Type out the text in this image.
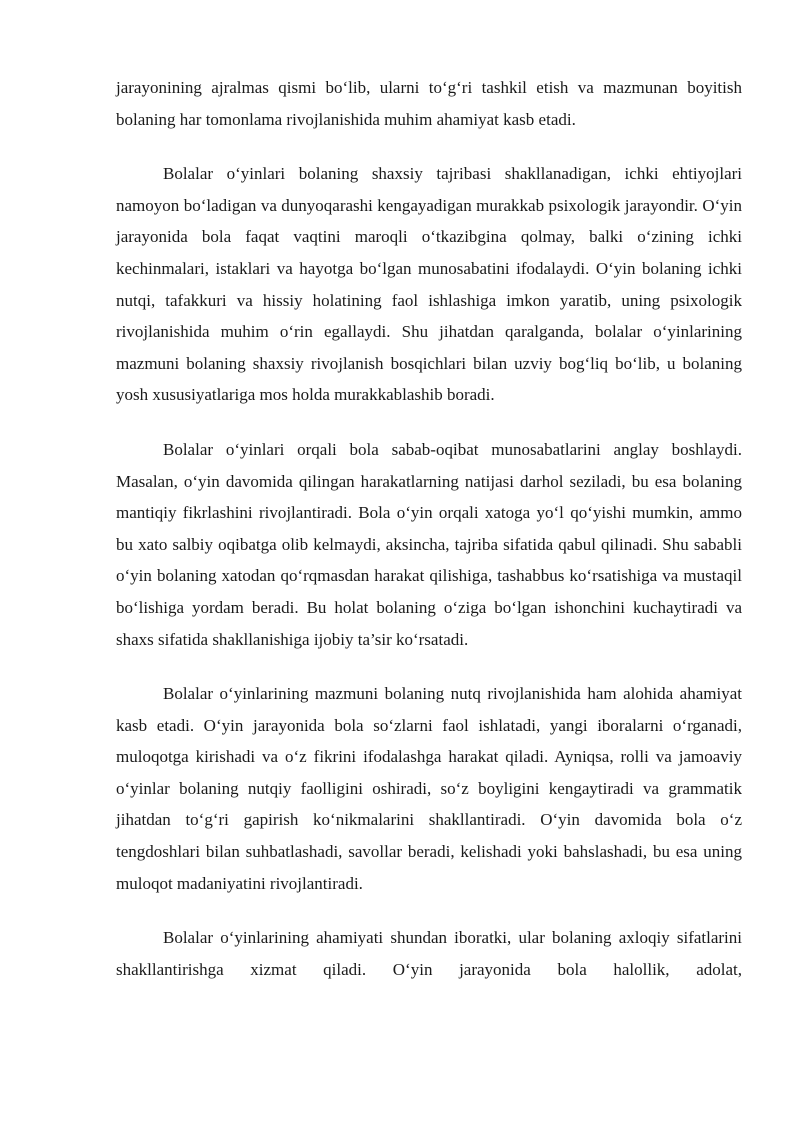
jarayonining ajralmas qismi bo‘lib, ularni to‘g‘ri tashkil etish va mazmunan boyitish bolaning har tomonlama rivojlanishida muhim ahamiyat kasb etadi.

Bolalar o‘yinlari bolaning shaxsiy tajribasi shakllanadigan, ichki ehtiyojlari namoyon bo‘ladigan va dunyoqarashi kengayadigan murakkab psixologik jarayondir. O‘yin jarayonida bola faqat vaqtini maroqli o‘tkazibgina qolmay, balki o‘zining ichki kechinmalari, istaklari va hayotga bo‘lgan munosabatini ifodalaydi. O‘yin bolaning ichki nutqi, tafakkuri va hissiy holatining faol ishlashiga imkon yaratib, uning psixologik rivojlanishida muhim o‘rin egallaydi. Shu jihatdan qaralganda, bolalar o‘yinlarining mazmuni bolaning shaxsiy rivojlanish bosqichlari bilan uzviy bog‘liq bo‘lib, u bolaning yosh xususiyatlariga mos holda murakkablashib boradi.

Bolalar o‘yinlari orqali bola sabab-oqibat munosabatlarini anglay boshlaydi. Masalan, o‘yin davomida qilingan harakatlarning natijasi darhol seziladi, bu esa bolaning mantiqiy fikrlashini rivojlantiradi. Bola o‘yin orqali xatoga yo‘l qo‘yishi mumkin, ammo bu xato salbiy oqibatga olib kelmaydi, aksincha, tajriba sifatida qabul qilinadi. Shu sababli o‘yin bolaning xatodan qo‘rqmasdan harakat qilishiga, tashabbus ko‘rsatishiga va mustaqil bo‘lishiga yordam beradi. Bu holat bolaning o‘ziga bo‘lgan ishonchini kuchaytiradi va shaxs sifatida shakllanishiga ijobiy ta’sir ko‘rsatadi.

Bolalar o‘yinlarining mazmuni bolaning nutq rivojlanishida ham alohida ahamiyat kasb etadi. O‘yin jarayonida bola so‘zlarni faol ishlatadi, yangi iboralarni o‘rganadi, muloqotga kirishadi va o‘z fikrini ifodalashga harakat qiladi. Ayniqsa, rolli va jamoaviy o‘yinlar bolaning nutqiy faolligini oshiradi, so‘z boyligini kengaytiradi va grammatik jihatdan to‘g‘ri gapirish ko‘nikmalarini shakllantiradi. O‘yin davomida bola o‘z tengdoshlari bilan suhbatlashadi, savollar beradi, kelishadi yoki bahslashadi, bu esa uning muloqot madaniyatini rivojlantiradi.

Bolalar o‘yinlarining ahamiyati shundan iboratki, ular bolaning axloqiy sifatlarini shakllantirishga xizmat qiladi. O‘yin jarayonida bola halollik, adolat,
